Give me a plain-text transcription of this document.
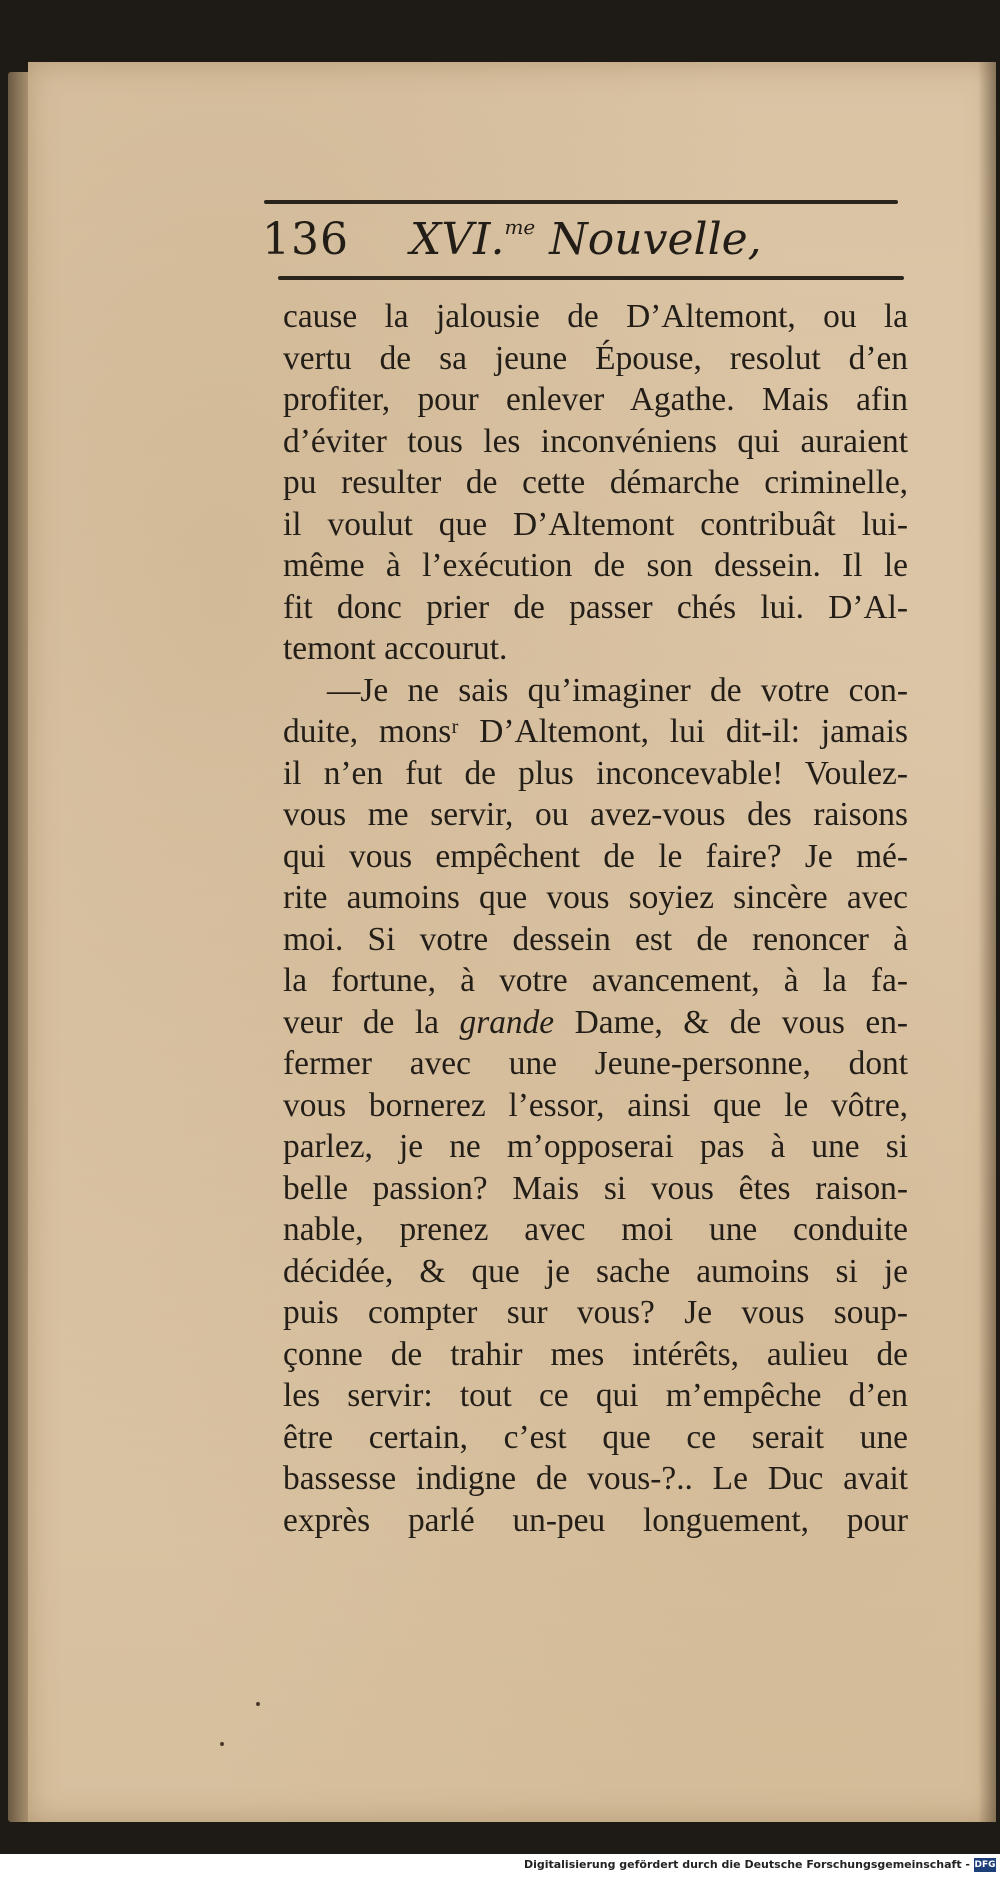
136 XVI.$^{me}$ Nouvelle,
cause la jalousie de D’Altemont, ou la
vertu de sa jeune Épouse, resolut d’en
profiter, pour enlever Agathe. Mais afin
d’éviter tous les inconvéniens qui auraient
pu resulter de cette démarche criminelle,
il voulut que D’Altemont contribuât lui-
même à l’exécution de son dessein. Il le
fit donc prier de passer chés lui. D’Al-
temont accourut.
—Je ne sais qu’imaginer de votre con-
duite, monsʳ D’Altemont, lui dit-il: jamais
il n’en fut de plus inconcevable! Voulez-
vous me servir, ou avez-vous des raisons
qui vous empêchent de le faire? Je mé-
rite aumoins que vous soyiez sincère avec
moi. Si votre dessein est de renoncer à
la fortune, à votre avancement, à la fa-
veur de la grande Dame, & de vous en-
fermer avec une Jeune-personne, dont
vous bornerez l’essor, ainsi que le vôtre,
parlez, je ne m’opposerai pas à une si
belle passion? Mais si vous êtes raison-
nable, prenez avec moi une conduite
décidée, & que je sache aumoins si je
puis compter sur vous? Je vous soup-
çonne de trahir mes intérêts, aulieu de
les servir: tout ce qui m’empêche d’en
être certain, c’est que ce serait une
bassesse indigne de vous-?.. Le Duc avait
exprès parlé un-peu longuement, pour
Digitalisierung gefördert durch die Deutsche Forschungsgemeinschaft - DFG
